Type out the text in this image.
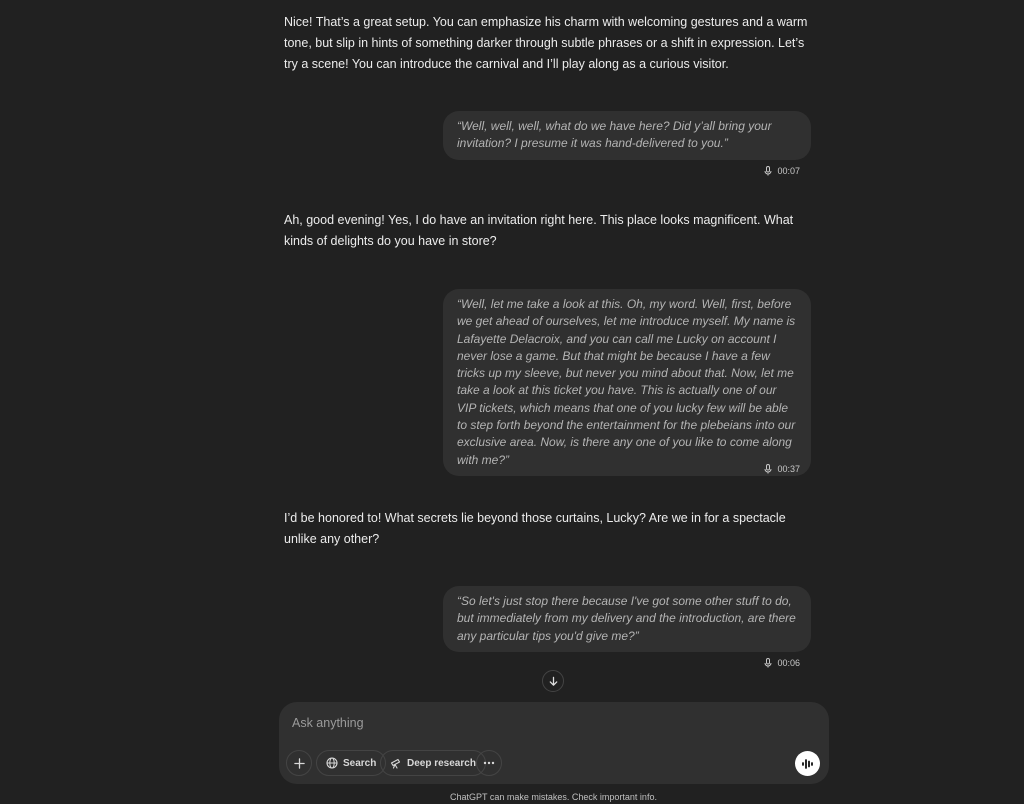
Nice! That’s a great setup. You can emphasize his charm with welcoming gestures and a warm tone, but slip in hints of something darker through subtle phrases or a shift in expression. Let’s try a scene! You can introduce the carnival and I’ll play along as a curious visitor.
“Well, well, well, what do we have here? Did y’all bring your invitation? I presume it was hand-delivered to you.”
00:07
Ah, good evening! Yes, I do have an invitation right here. This place looks magnificent. What kinds of delights do you have in store?
“Well, let me take a look at this. Oh, my word. Well, first, before we get ahead of ourselves, let me introduce myself. My name is Lafayette Delacroix, and you can call me Lucky on account I never lose a game. But that might be because I have a few tricks up my sleeve, but never you mind about that. Now, let me take a look at this ticket you have. This is actually one of our VIP tickets, which means that one of you lucky few will be able to step forth beyond the entertainment for the plebeians into our exclusive area. Now, is there any one of you like to come along with me?”
00:37
I’d be honored to! What secrets lie beyond those curtains, Lucky? Are we in for a spectacle unlike any other?
“So let's just stop there because I've got some other stuff to do, but immediately from my delivery and the introduction, are there any particular tips you'd give me?”
00:06
Ask anything
Search	Deep research
ChatGPT can make mistakes. Check important info.
